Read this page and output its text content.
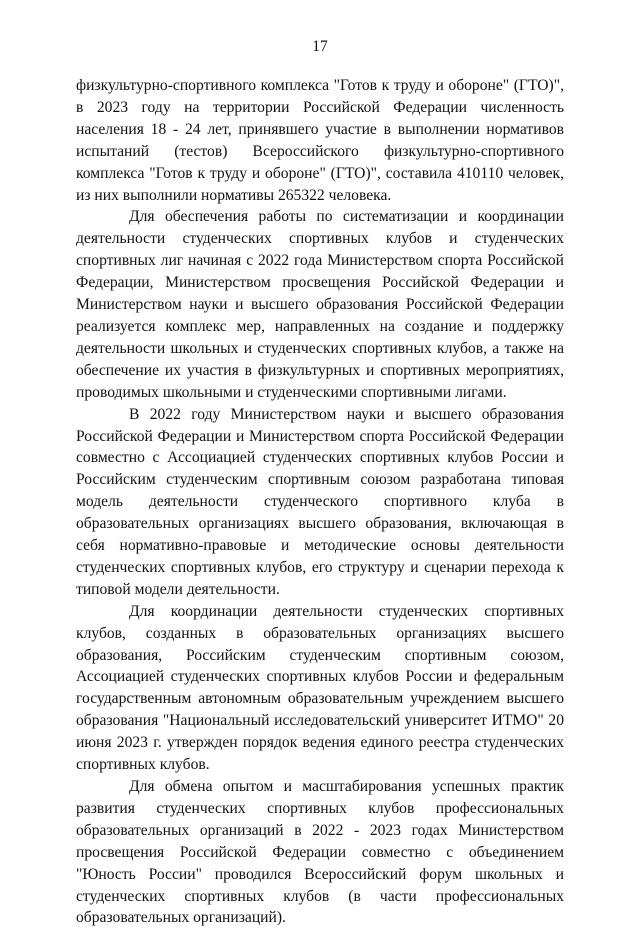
17

физкультурно-спортивного комплекса "Готов к труду и обороне" (ГТО)", в 2023 году на территории Российской Федерации численность населения 18 - 24 лет, принявшего участие в выполнении нормативов испытаний (тестов) Всероссийского физкультурно-спортивного комплекса "Готов к труду и обороне" (ГТО)", составила 410110 человек, из них выполнили нормативы 265322 человека.

Для обеспечения работы по систематизации и координации деятельности студенческих спортивных клубов и студенческих спортивных лиг начиная с 2022 года Министерством спорта Российской Федерации, Министерством просвещения Российской Федерации и Министерством науки и высшего образования Российской Федерации реализуется комплекс мер, направленных на создание и поддержку деятельности школьных и студенческих спортивных клубов, а также на обеспечение их участия в физкультурных и спортивных мероприятиях, проводимых школьными и студенческими спортивными лигами.

В 2022 году Министерством науки и высшего образования Российской Федерации и Министерством спорта Российской Федерации совместно с Ассоциацией студенческих спортивных клубов России и Российским студенческим спортивным союзом разработана типовая модель деятельности студенческого спортивного клуба в образовательных организациях высшего образования, включающая в себя нормативно-правовые и методические основы деятельности студенческих спортивных клубов, его структуру и сценарии перехода к типовой модели деятельности.

Для координации деятельности студенческих спортивных клубов, созданных в образовательных организациях высшего образования, Российским студенческим спортивным союзом, Ассоциацией студенческих спортивных клубов России и федеральным государственным автономным образовательным учреждением высшего образования "Национальный исследовательский университет ИТМО" 20 июня 2023 г. утвержден порядок ведения единого реестра студенческих спортивных клубов.

Для обмена опытом и масштабирования успешных практик развития студенческих спортивных клубов профессиональных образовательных организаций в 2022 - 2023 годах Министерством просвещения Российской Федерации совместно с объединением "Юность России" проводился Всероссийский форум школьных и студенческих спортивных клубов (в части профессиональных образовательных организаций).
